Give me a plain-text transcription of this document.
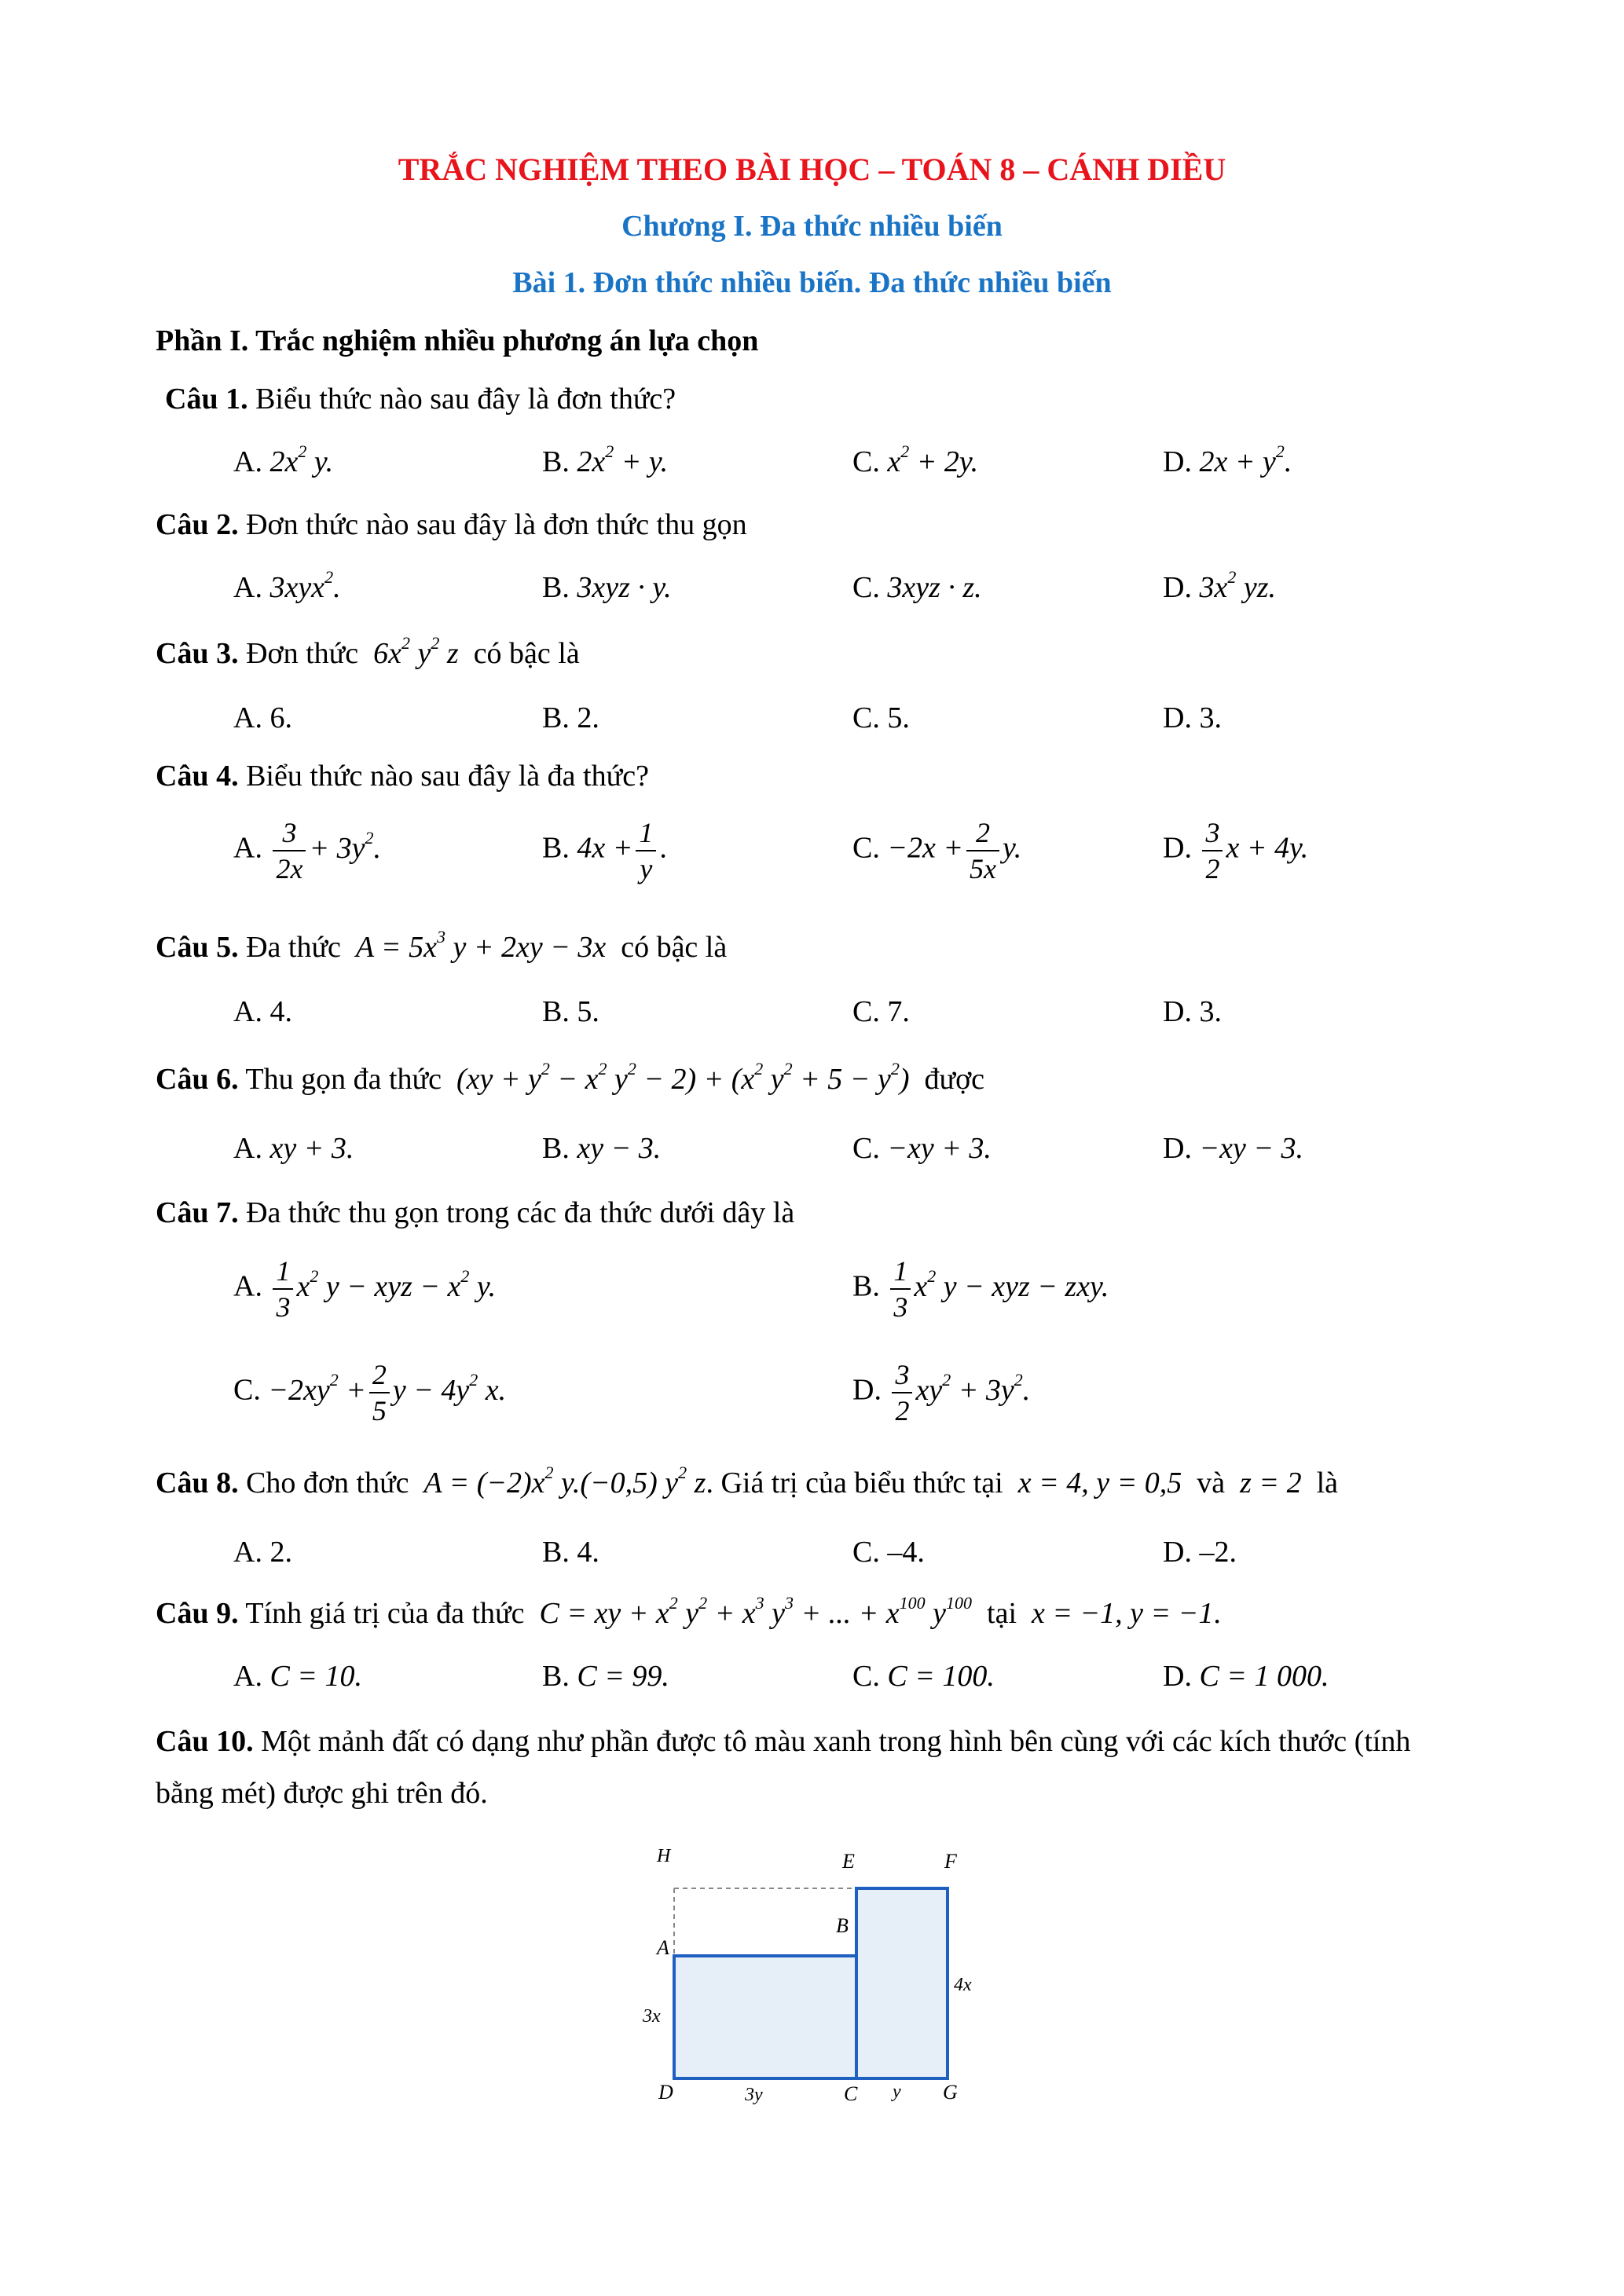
TRẮC NGHIỆM THEO BÀI HỌC – TOÁN 8 – CÁNH DIỀU
Chương I. Đa thức nhiều biến
Bài 1. Đơn thức nhiều biến. Đa thức nhiều biến
Phần I. Trắc nghiệm nhiều phương án lựa chọn
Câu 1. Biểu thức nào sau đây là đơn thức?
A. $2x^2$ y.	B. $2x^2 + y$.	C. $x^2 + 2y$.	D. $2x + y^2$.
Câu 2. Đơn thức nào sau đây là đơn thức thu gọn
A. 3xyx$^2$.	B. 3xyz · y.	C. 3xyz · z.	D. $3x^2$ yz.
Câu 3. Đơn thức  $6x^2$ $y^2$ z  có bậc là
A. 6.	B. 2.	C. 5.	D. 3.
Câu 4. Biểu thức nào sau đây là đa thức?
A. $\frac{3}{2x} + 3y^2$.	B. $4x + \frac{1}{y}$ .	C. $-2x + \frac{2}{5x} y$.	D. $\frac{3}{2}$ x + 4y.
Câu 5. Đa thức  $A = 5x^3$ y + 2xy − 3x  có bậc là
A. 4.	B. 5.	C. 7.	D. 3.
Câu 6. Thu gọn đa thức  ($xy + y^2 - x^2$ $y^2 - 2) + (x^2$ $y^2 + 5 - y^2$)  được
A. xy + 3.	B. xy − 3.	C. −xy + 3.	D. −xy − 3.
Câu 7. Đa thức thu gọn trong các đa thức dưới dây là
A. $\frac{1}{3} x^2$ y − xyz − $x^2$ y.	B. $\frac{1}{3} x^2$ y − xyz − zxy.
C. $-2xy^2 + \frac{2}{5}$ $y - 4y^2$ x.	D. $\frac{3}{2} xy^2 + 3y^2$.
Câu 8. Cho đơn thức  $A = (-2)x^2$ y.(−0,5) $y^2$ z. Giá trị của biểu thức tại  x = 4, y = 0,5  và  z = 2  là
A. 2.	B. 4.	C. –4.	D. –2.
Câu 9. Tính giá trị của đa thức  C = xy + $x^2$ $y^2 + x^3$ $y^3$ + ... + $x^{100}$ $y^{100}$ tại  x = −1, y = −1.
A. C = 10.	B. C = 99.	C. C = 100.	D. C = 1 000.
Câu 10. Một mảnh đất có dạng như phần được tô màu xanh trong hình bên cùng với các kích thước (tính bằng mét) được ghi trên đó.
H	E	F
A
B
D	C	G
3x
4x
3y	y
